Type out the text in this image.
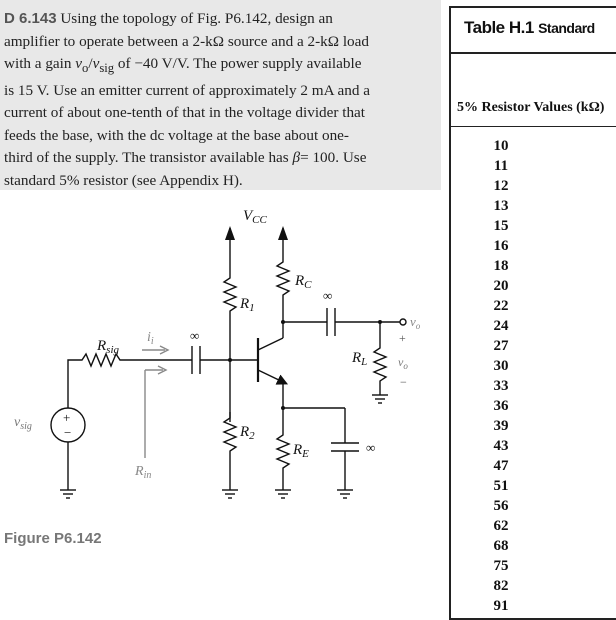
D 6.143 Using the topology of Fig. P6.142, design an
amplifier to operate between a 2-kΩ source and a 2-kΩ load
with a gain $v_o/v_{sig}$ of −40 V/V. The power supply available
is 15 V. Use an emitter current of approximately 2 mA and a
current of about one-tenth of that in the voltage divider that
feeds the base, with the dc voltage at the base about one-
third of the supply. The transistor available has β= 100. Use
standard 5% resistor (see Appendix H).
$V_{CC}$
$R_1$
$R_C$
∞
$v_o$
$R_L$
+
$v_o$
−
∞
$R_{sig}$
$i_i$
$R_{in}$
+
−
$v_{sig}$	$R_2$
$R_E$	∞
Figure P6.142
Table H.1 Standard
5% Resistor Values (kΩ)
10
11
12
13
15
16
18
20
22
24
27
30
33
36
39
43
47
51
56
62
68
75
82
91
